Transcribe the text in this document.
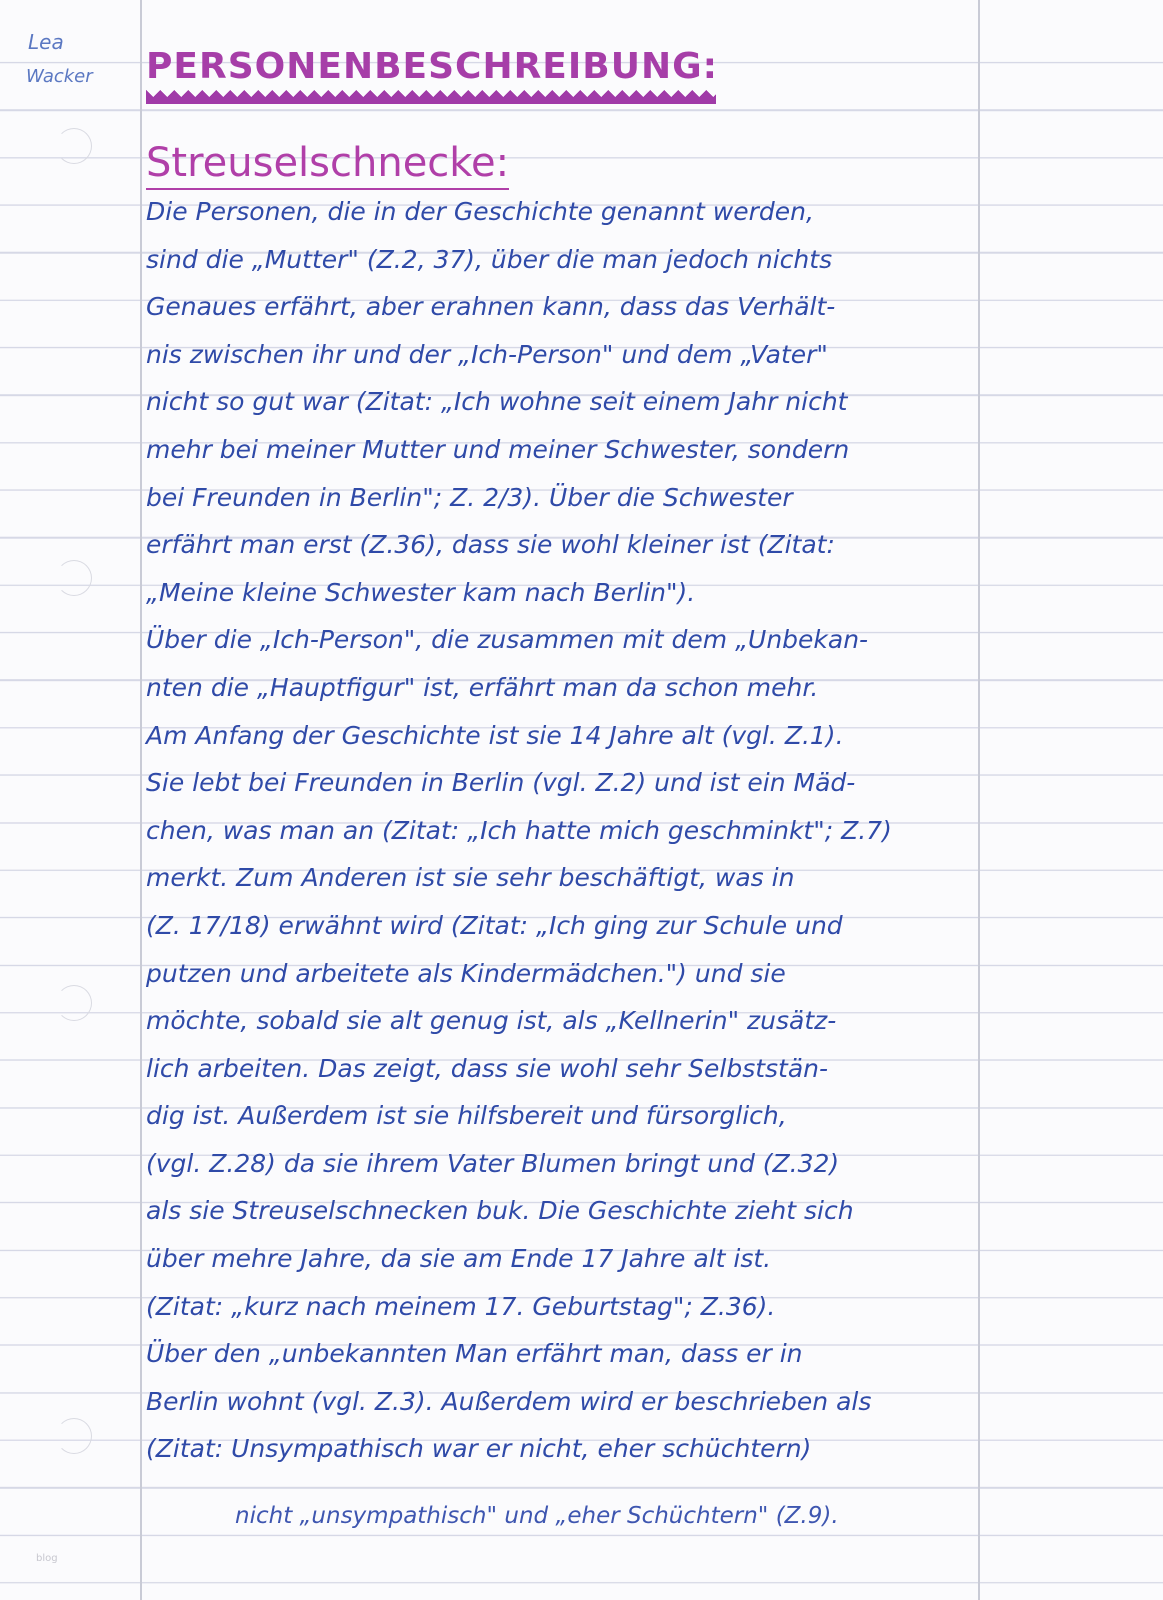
Lea
Wacker PERSONENBESCHREIBUNG:
Streuselschnecke:
Die Personen, die in der Geschichte genannt werden,
sind die „Mutter" (Z.2, 37), über die man jedoch nichts
Genaues erfährt, aber erahnen kann, dass das Verhält-
nis zwischen ihr und der „Ich-Person" und dem „Vater"
nicht so gut war (Zitat: „Ich wohne seit einem Jahr nicht
mehr bei meiner Mutter und meiner Schwester, sondern
bei Freunden in Berlin"; Z. 2/3). Über die Schwester
erfährt man erst (Z.36), dass sie wohl kleiner ist (Zitat:
„Meine kleine Schwester kam nach Berlin").
Über die „Ich-Person", die zusammen mit dem „Unbekan-
nten die „Hauptfigur" ist, erfährt man da schon mehr.
Am Anfang der Geschichte ist sie 14 Jahre alt (vgl. Z.1).
Sie lebt bei Freunden in Berlin (vgl. Z.2) und ist ein Mäd-
chen, was man an (Zitat: „Ich hatte mich geschminkt"; Z.7)
merkt. Zum Anderen ist sie sehr beschäftigt, was in
(Z. 17/18) erwähnt wird (Zitat: „Ich ging zur Schule und
putzen und arbeitete als Kindermädchen.") und sie
möchte, sobald sie alt genug ist, als „Kellnerin" zusätz-
lich arbeiten. Das zeigt, dass sie wohl sehr Selbststän-
dig ist. Außerdem ist sie hilfsbereit und fürsorglich,
(vgl. Z.28) da sie ihrem Vater Blumen bringt und (Z.32)
als sie Streuselschnecken buk. Die Geschichte zieht sich
über mehre Jahre, da sie am Ende 17 Jahre alt ist.
(Zitat: „kurz nach meinem 17. Geburtstag"; Z.36).
Über den „unbekannten Man erfährt man, dass er in
Berlin wohnt (vgl. Z.3). Außerdem wird er beschrieben als
(Zitat: Unsympathisch war er nicht, eher schüchtern)
nicht „unsympathisch" und „eher Schüchtern" (Z.9).
blog
